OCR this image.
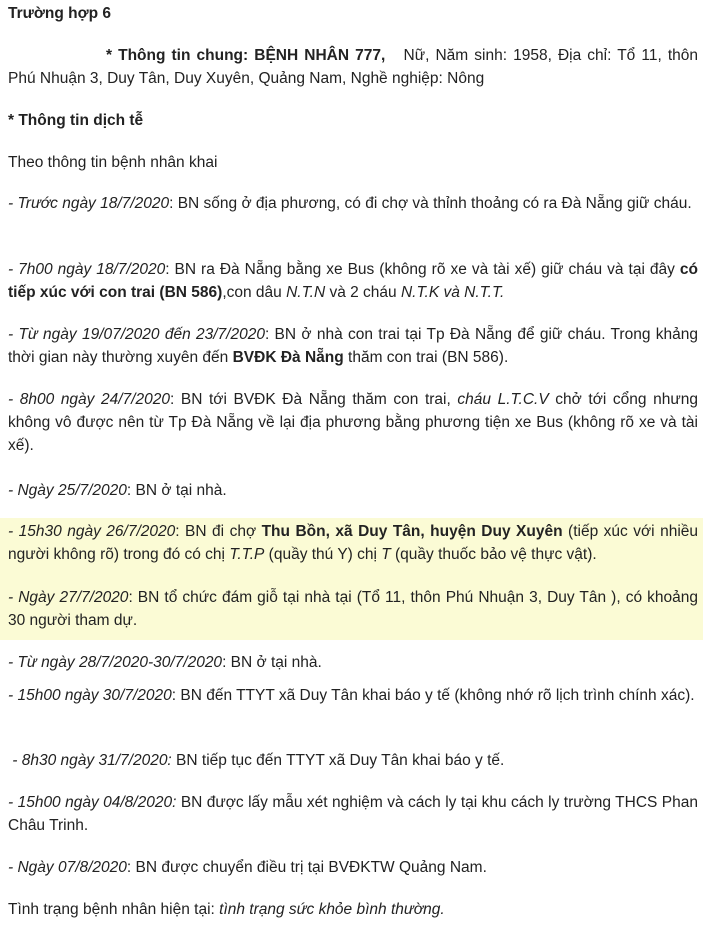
Trường hợp 6

* Thông tin chung: BỆNH NHÂN 777, Nữ, Năm sinh: 1958, Địa chỉ: Tổ 11, thôn Phú Nhuận 3, Duy Tân, Duy Xuyên, Quảng Nam, Nghề nghiệp: Nông

* Thông tin dịch tễ

Theo thông tin bệnh nhân khai

- Trước ngày 18/7/2020: BN sống ở địa phương, có đi chợ và thỉnh thoảng có ra Đà Nẵng giữ cháu.

- 7h00 ngày 18/7/2020: BN ra Đà Nẵng bằng xe Bus (không rõ xe và tài xế) giữ cháu và tại đây có tiếp xúc với con trai (BN 586),con dâu N.T.N và 2 cháu N.T.K và N.T.T.

- Từ ngày 19/07/2020 đến 23/7/2020: BN ở nhà con trai tại Tp Đà Nẵng để giữ cháu. Trong khảng thời gian này thường xuyên đến BVĐK Đà Nẵng thăm con trai (BN 586).

- 8h00 ngày 24/7/2020: BN tới BVĐK Đà Nẵng thăm con trai, cháu L.T.C.V chở tới cổng nhưng không vô được nên từ Tp Đà Nẵng về lại địa phương bằng phương tiện xe Bus (không rõ xe và tài xế).

- Ngày 25/7/2020: BN ở tại nhà.

- 15h30 ngày 26/7/2020: BN đi chợ Thu Bồn, xã Duy Tân, huyện Duy Xuyên (tiếp xúc với nhiều người không rõ) trong đó có chị T.T.P (quầy thú Y) chị T (quầy thuốc bảo vệ thực vật).

- Ngày 27/7/2020: BN tổ chức đám giỗ tại nhà tại (Tổ 11, thôn Phú Nhuận 3, Duy Tân ), có khoảng 30 người tham dự.

- Từ ngày 28/7/2020-30/7/2020: BN ở tại nhà.

- 15h00 ngày 30/7/2020: BN đến TTYT xã Duy Tân khai báo y tế (không nhớ rõ lịch trình chính xác).

- 8h30 ngày 31/7/2020: BN tiếp tục đến TTYT xã Duy Tân khai báo y tế.

- 15h00 ngày 04/8/2020: BN được lấy mẫu xét nghiệm và cách ly tại khu cách ly trường THCS Phan Châu Trinh.

- Ngày 07/8/2020: BN được chuyển điều trị tại BVĐKTW Quảng Nam.

Tình trạng bệnh nhân hiện tại: tình trạng sức khỏe bình thường.
